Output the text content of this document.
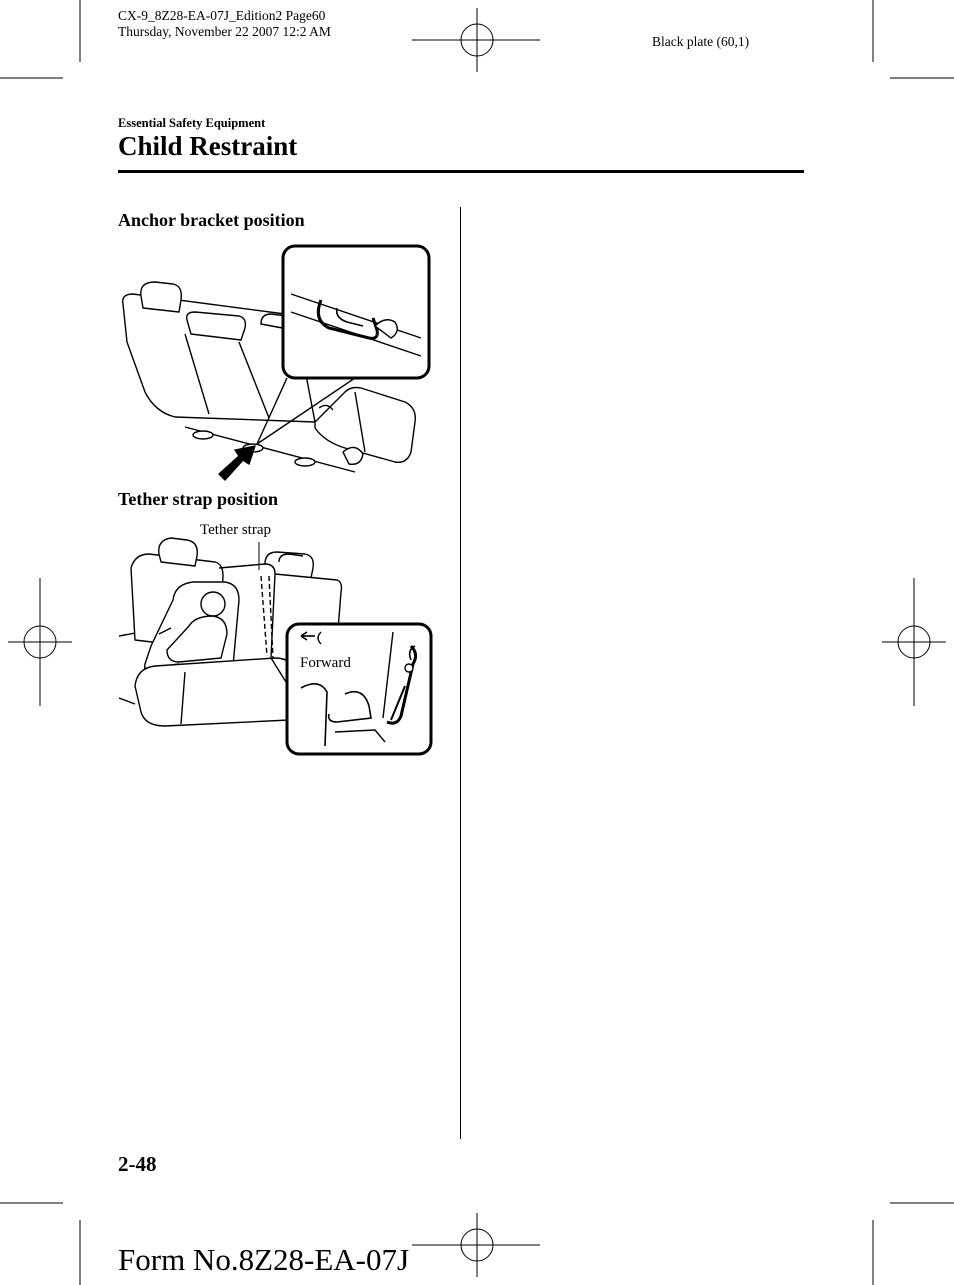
CX-9_8Z28-EA-07J_Edition2 Page60
Thursday, November 22 2007 12:2 AM
Black plate (60,1)
Essential Safety Equipment
Child Restraint
Anchor bracket position
Tether strap position
Tether strap
Forward
2-48
Form No.8Z28-EA-07J
